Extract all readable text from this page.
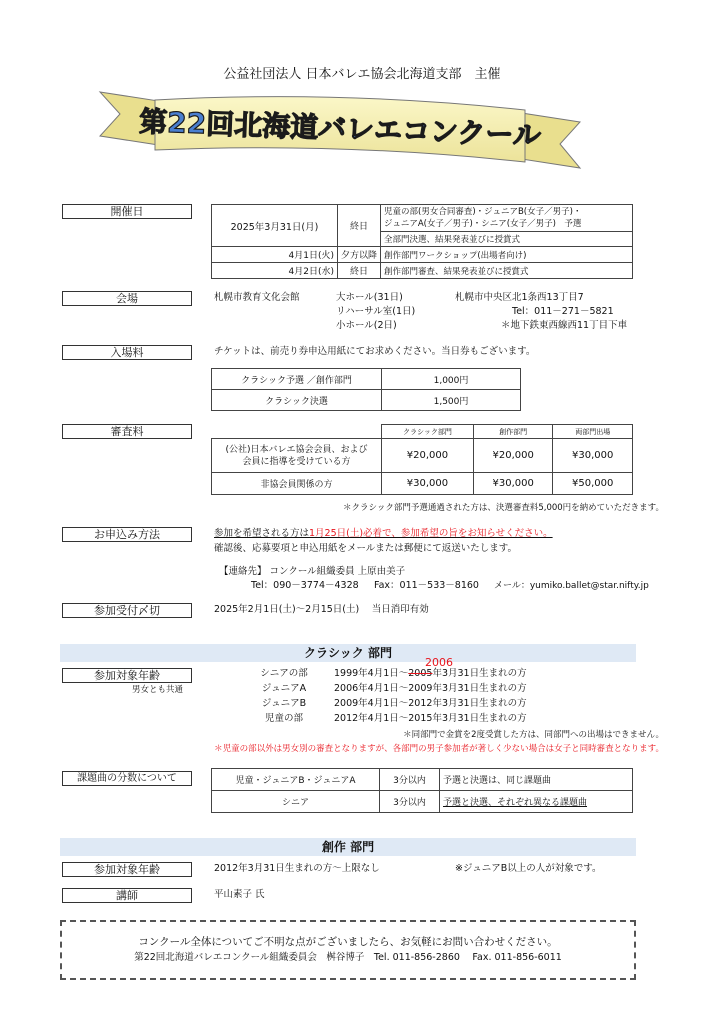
公益社団法人 日本バレエ協会北海道支部　主催
第22回北海道バレエコンクール
開催日
2025年3月31日(月)	終日	児童の部(男女合同審査)・ジュニアB(女子／男子)・
ジュニアA(女子／男子)・シニア(女子／男子)　予選

		全部門決選、結果発表並びに授賞式
4月1日(火)	夕方以降	創作部門ワークショップ(出場者向け)
4月2日(水)	終日	創作部門審査、結果発表並びに授賞式
会場	札幌市教育文化会館	大ホール(31日)
リハーサル室(1日)
小ホール(2日)
札幌市中央区北1条西13丁目7
Tel：011－271－5821
＊地下鉄東西線西11丁目下車
入場料	チケットは、前売り券申込用紙にてお求めください。当日券もございます。
クラシック予選 ／創作部門	1,000円
クラシック決選	1,500円
審査料
		クラシック部門	創作部門	両部門出場

(公社)日本バレエ協会会員、および
会員に指導を受けている方	¥20,000	¥20,000	¥30,000
非協会員関係の方	¥30,000	¥30,000	¥50,000
＊クラシック部門予選通過された方は、決選審査料5,000円を納めていただきます。
お申込み方法	参加を希望される方は1月25日(土)必着で、参加希望の旨をお知らせください。
確認後、応募要項と申込用紙をメールまたは郵便にて返送いたします。
【連絡先】 コンクール組織委員 上原由美子
Tel：090－3774－4328 Fax：011－533－8160 メール：yumiko.ballet@star.nifty.jp
参加受付〆切	2025年2月1日(土)～2月15日(土)　 当日消印有効
クラシック 部門
参加対象年齢
男女とも共通
2006
シニアの部	1999年4月1日～2005年3月31日生まれの方
ジュニアA	2006年4月1日～2009年3月31日生まれの方
ジュニアB	2009年4月1日～2012年3月31日生まれの方
児童の部	2012年4月1日～2015年3月31日生まれの方
＊同部門で金賞を2度受賞した方は、同部門への出場はできません。
＊児童の部以外は男女別の審査となりますが、各部門の男子参加者が著しく少ない場合は女子と同時審査となります。
課題曲の分数について	児童・ジュニアB・ジュニアA	3分以内	予選と決選は、同じ課題曲
シニア	3分以内	予選と決選、それぞれ異なる課題曲
創作 部門
参加対象年齢	2012年3月31日生まれの方～上限なし	※ジュニアB以上の人が対象です。
講師	平山素子 氏
コンクール全体についてご不明な点がございましたら、お気軽にお問い合わせください。
第22回北海道バレエコンクール組織委員会　桝谷博子　Tel. 011-856-2860　 Fax. 011-856-6011
